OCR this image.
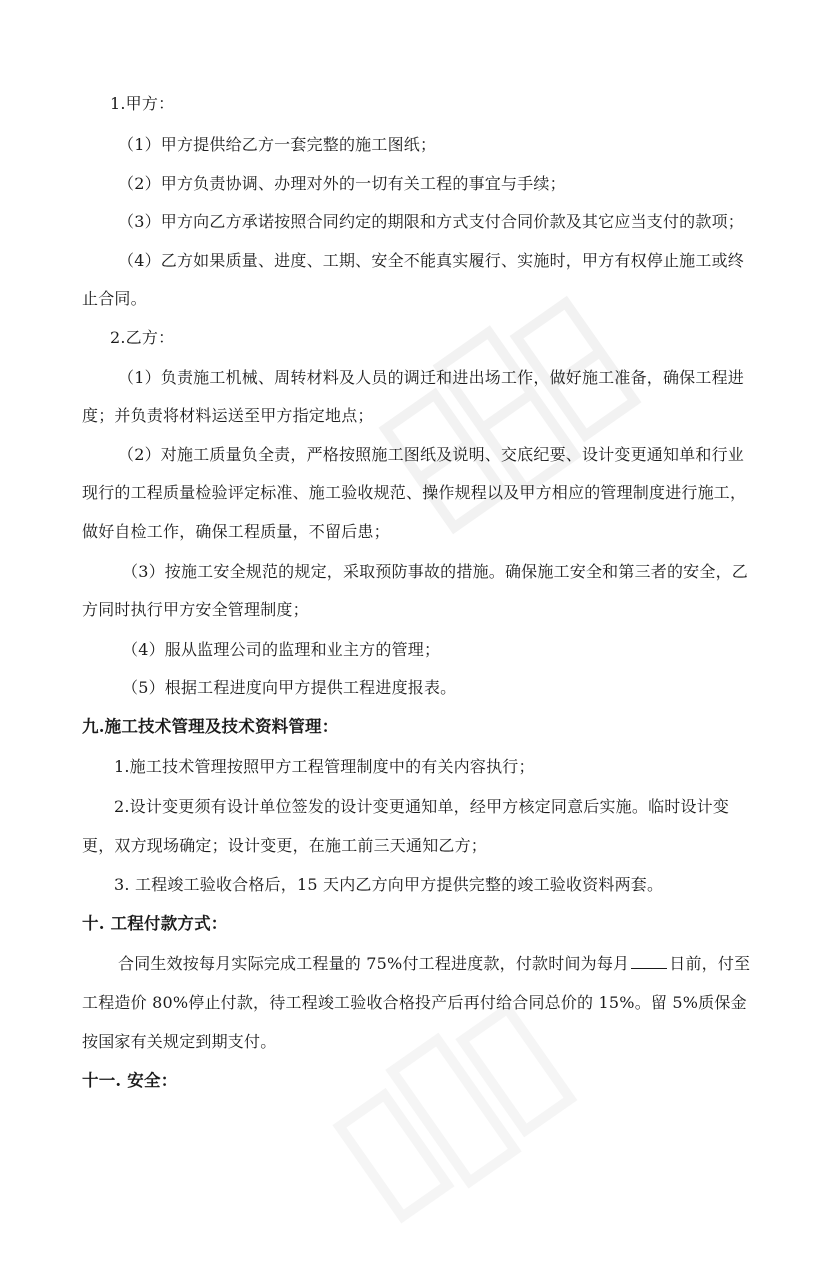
1.甲方：
（1）甲方提供给乙方一套完整的施工图纸；
（2）甲方负责协调、办理对外的一切有关工程的事宜与手续；
（3）甲方向乙方承诺按照合同约定的期限和方式支付合同价款及其它应当支付的款项；
（4）乙方如果质量、进度、工期、安全不能真实履行、实施时，甲方有权停止施工或终
止合同。
2.乙方：
（1）负责施工机械、周转材料及人员的调迁和进出场工作，做好施工准备，确保工程进
度；并负责将材料运送至甲方指定地点；
（2）对施工质量负全责，严格按照施工图纸及说明、交底纪要、设计变更通知单和行业
现行的工程质量检验评定标准、施工验收规范、操作规程以及甲方相应的管理制度进行施工，
做好自检工作，确保工程质量，不留后患；
（3）按施工安全规范的规定，采取预防事故的措施。确保施工安全和第三者的安全，乙
方同时执行甲方安全管理制度；
（4）服从监理公司的监理和业主方的管理；
（5）根据工程进度向甲方提供工程进度报表。
九.施工技术管理及技术资料管理：
1.施工技术管理按照甲方工程管理制度中的有关内容执行；
2.设计变更须有设计单位签发的设计变更通知单，经甲方核定同意后实施。临时设计变
更，双方现场确定；设计变更，在施工前三天通知乙方；
3. 工程竣工验收合格后，15 天内乙方向甲方提供完整的竣工验收资料两套。
十. 工程付款方式：
合同生效按每月实际完成工程量的 75%付工程进度款，付款时间为每月	日前，付至
工程造价 80%停止付款，待工程竣工验收合格投产后再付给合同总价的 15%。留 5%质保金
按国家有关规定到期支付。
十一. 安全：
